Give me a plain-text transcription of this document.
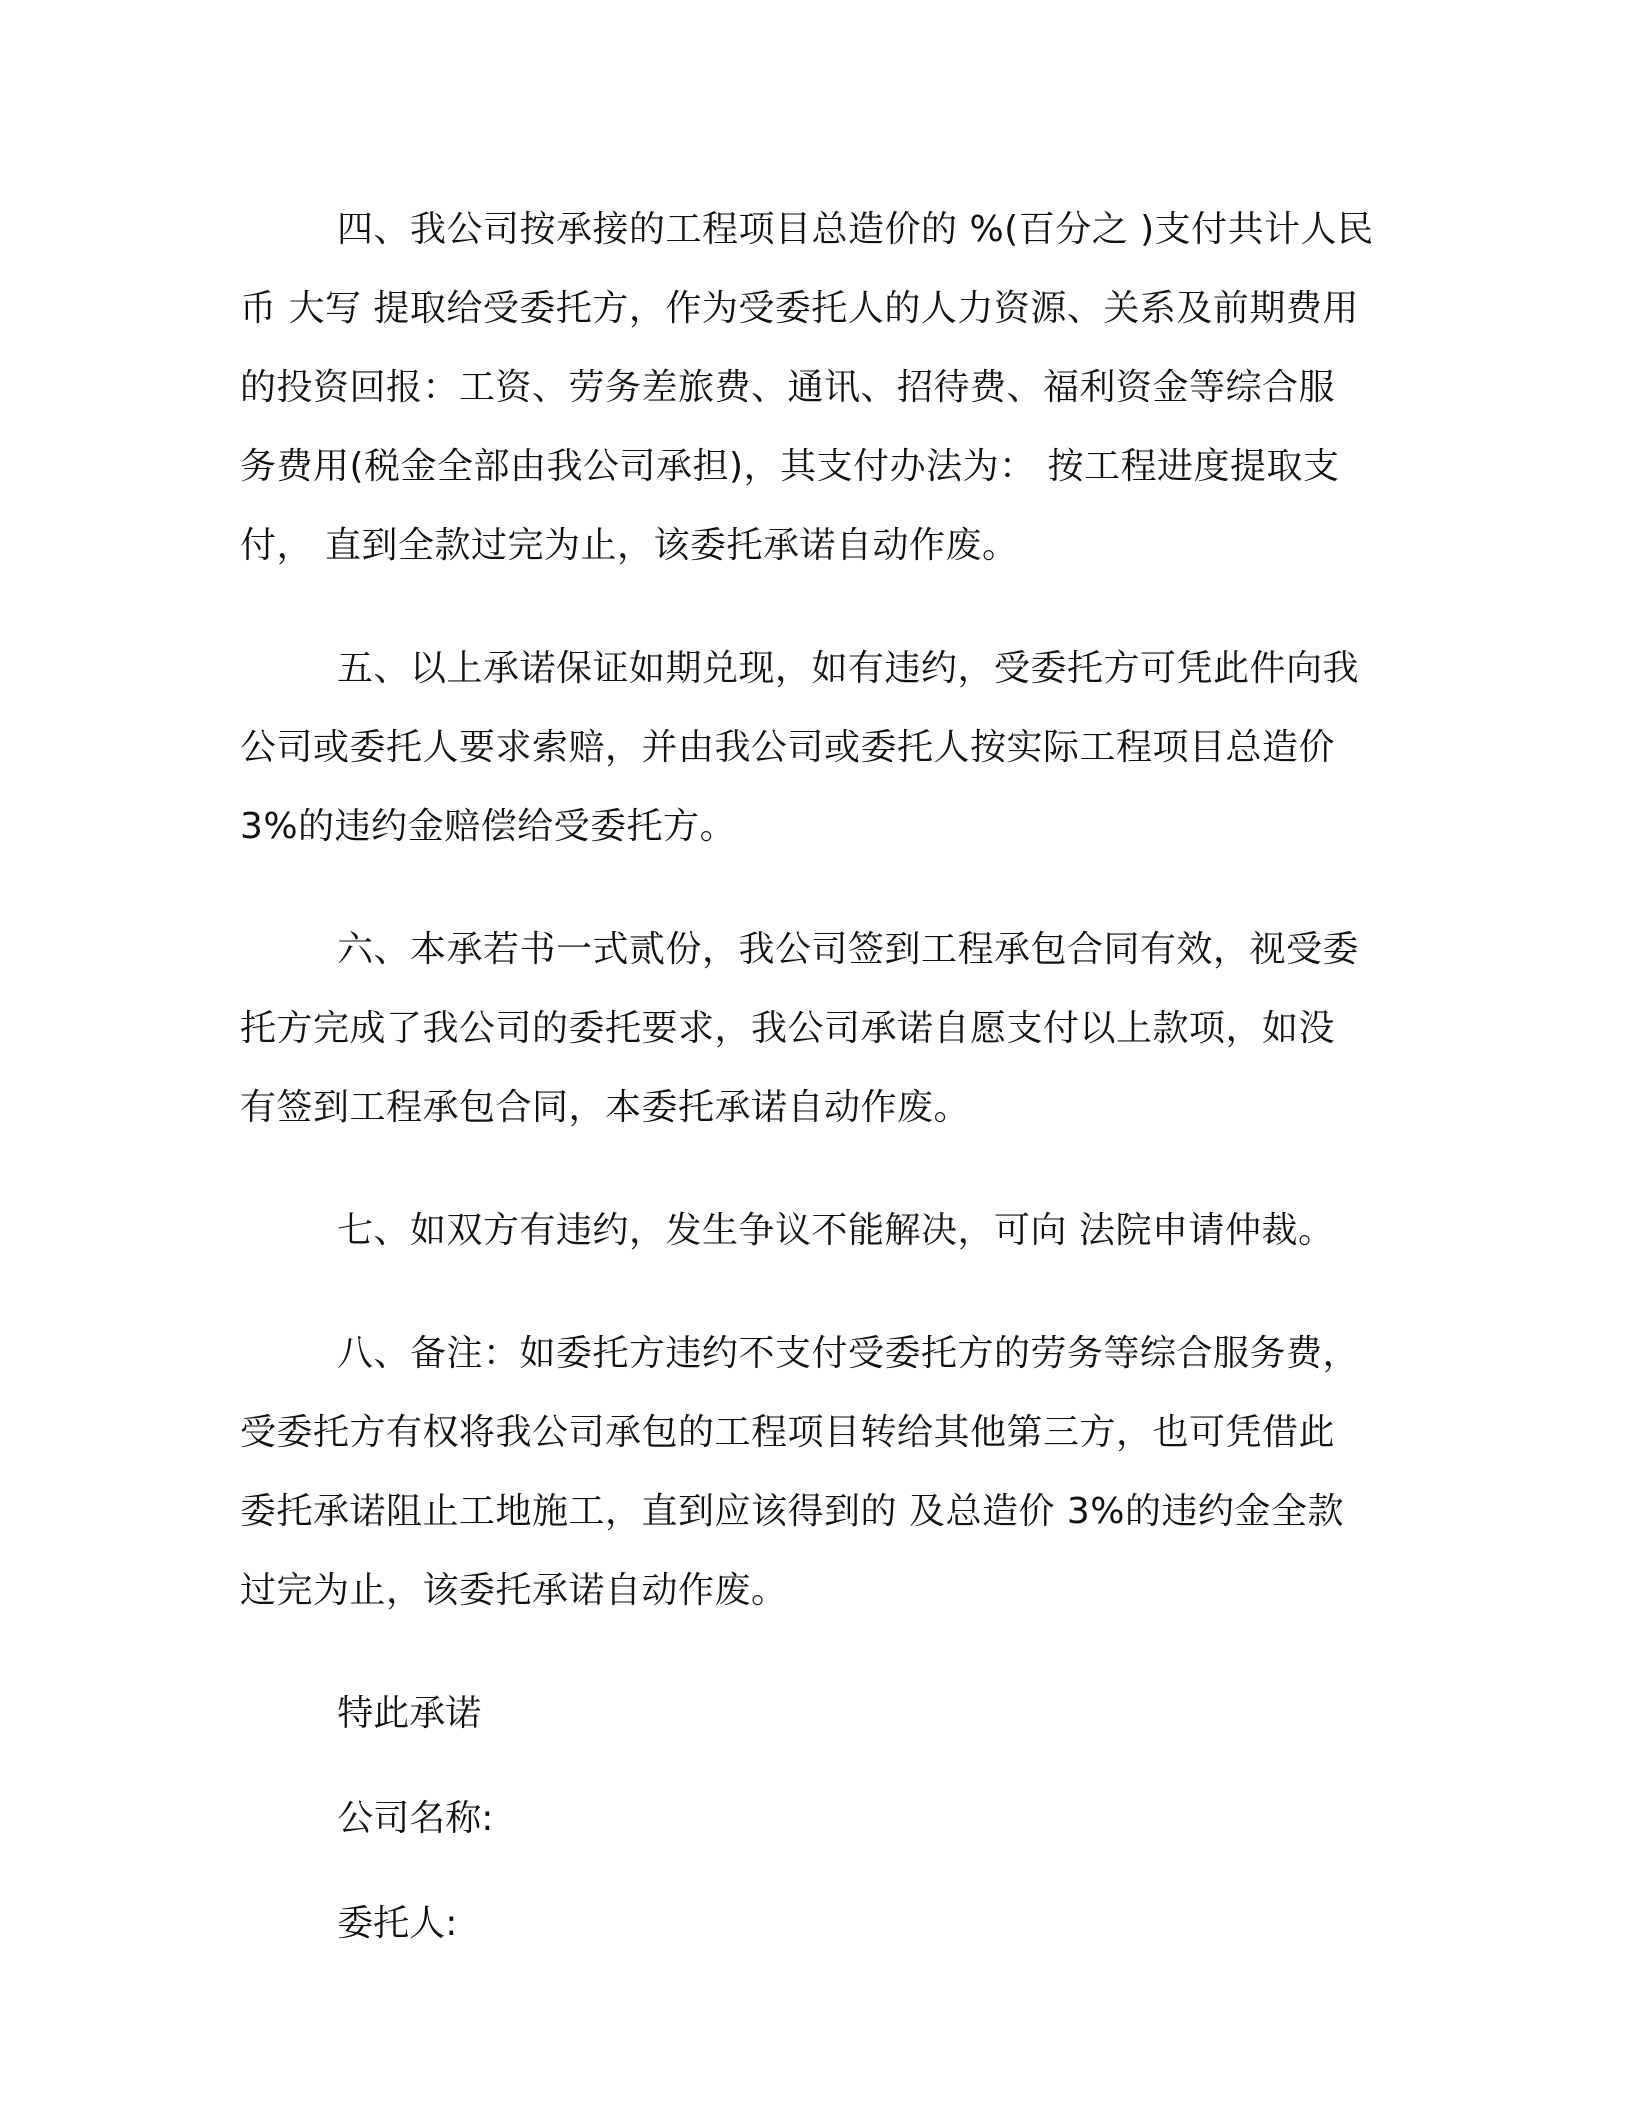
四、我公司按承接的工程项目总造价的 %(百分之 )支付共计人民
币 大写 提取给受委托方，作为受委托人的人力资源、关系及前期费用
的投资回报：工资、劳务差旅费、通讯、招待费、福利资金等综合服
务费用(税金全部由我公司承担)，其支付办法为： 按工程进度提取支
付， 直到全款过完为止，该委托承诺自动作废。

五、以上承诺保证如期兑现，如有违约，受委托方可凭此件向我
公司或委托人要求索赔，并由我公司或委托人按实际工程项目总造价
3%的违约金赔偿给受委托方。

六、本承若书一式贰份，我公司签到工程承包合同有效，视受委
托方完成了我公司的委托要求，我公司承诺自愿支付以上款项，如没
有签到工程承包合同，本委托承诺自动作废。

七、如双方有违约，发生争议不能解决，可向 法院申请仲裁。

八、备注：如委托方违约不支付受委托方的劳务等综合服务费，
受委托方有权将我公司承包的工程项目转给其他第三方，也可凭借此
委托承诺阻止工地施工，直到应该得到的 及总造价 3%的违约金全款
过完为止，该委托承诺自动作废。

特此承诺

公司名称:

委托人:
